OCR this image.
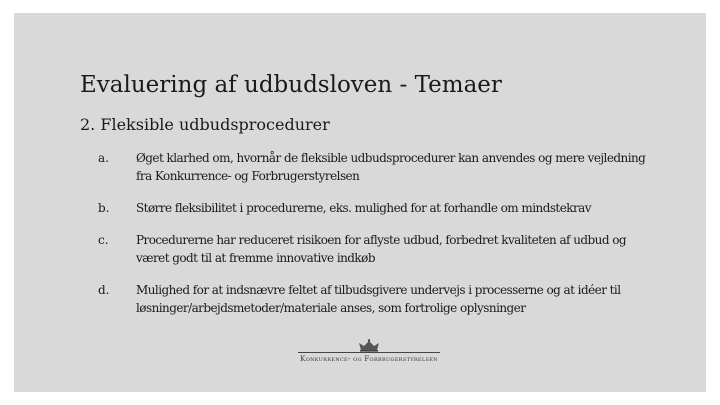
Evaluering af udbudsloven - Temaer
2. Fleksible udbudsprocedurer
a. Øget klarhed om, hvornår de fleksible udbudsprocedurer kan anvendes og mere vejledning fra Konkurrence- og Forbrugerstyrelsen
b. Større fleksibilitet i procedurerne, eks. mulighed for at forhandle om mindstekrav
c. Procedurerne har reduceret risikoen for aflyste udbud, forbedret kvaliteten af udbud og været godt til at fremme innovative indkøb
d. Mulighed for at indsnævre feltet af tilbudsgivere undervejs i processerne og at idéer til løsninger/arbejdsmetoder/materiale anses, som fortrolige oplysninger
Konkurrence- og Forbrugerstyrelsen
